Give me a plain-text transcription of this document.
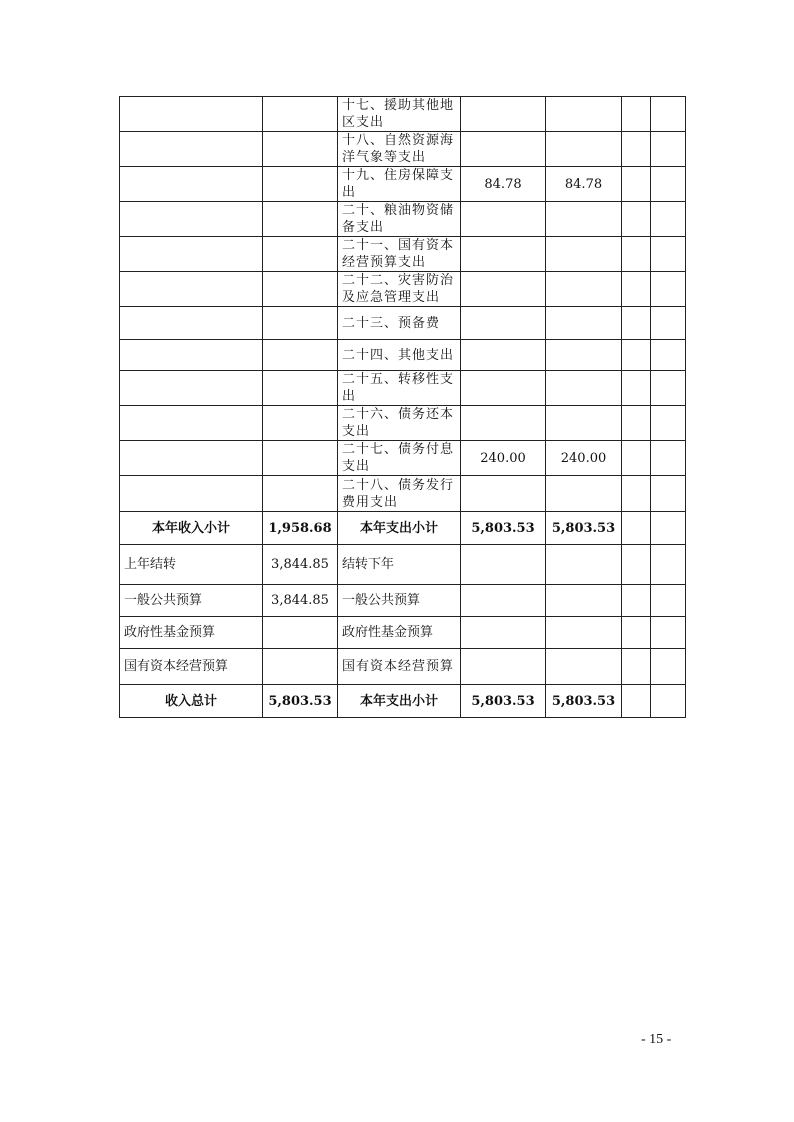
		十七、援助其他地区支出				
		十八、自然资源海洋气象等支出				
		十九、住房保障支出	84.78	84.78		
		二十、粮油物资储备支出				
		二十一、国有资本经营预算支出				
		二十二、灾害防治及应急管理支出				
		二十三、预备费				
		二十四、其他支出				
		二十五、转移性支出				
		二十六、债务还本支出				
		二十七、债务付息支出	240.00	240.00		
		二十八、债务发行费用支出				
本年收入小计	1,958.68	本年支出小计	5,803.53	5,803.53		
上年结转	3,844.85	结转下年				
一般公共预算	3,844.85	一般公共预算				
政府性基金预算		政府性基金预算				
国有资本经营预算		国有资本经营预算				
收入总计	5,803.53	本年支出小计	5,803.53	5,803.53		
- 15 -
